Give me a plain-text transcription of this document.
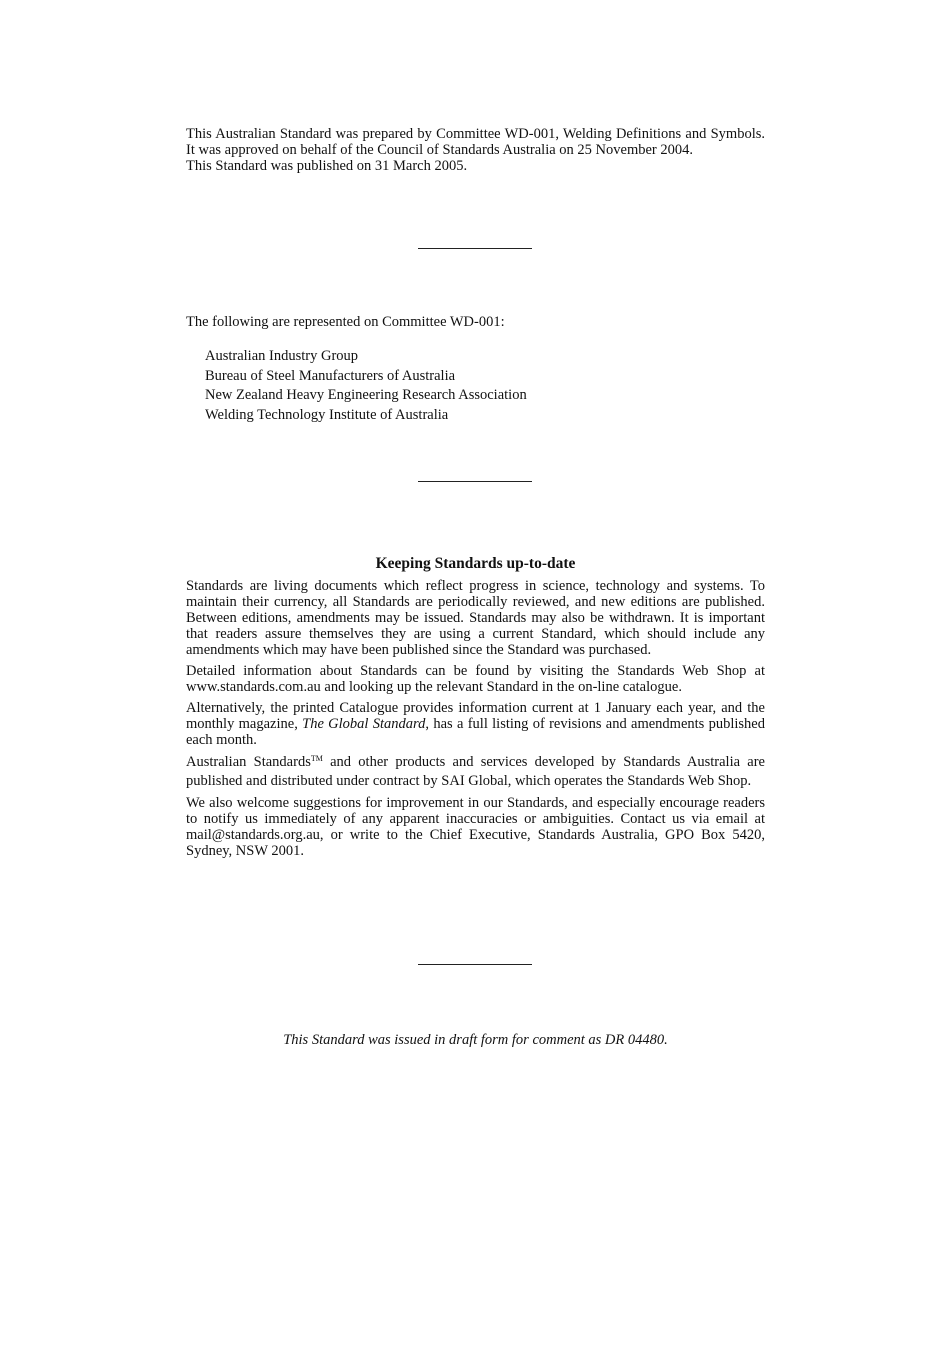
This Australian Standard was prepared by Committee WD-001, Welding Definitions and Symbols. It was approved on behalf of the Council of Standards Australia on 25 November 2004.

This Standard was published on 31 March 2005.

The following are represented on Committee WD-001:
Australian Industry Group
Bureau of Steel Manufacturers of Australia
New Zealand Heavy Engineering Research Association
Welding Technology Institute of Australia
Keeping Standards up-to-date

Standards are living documents which reflect progress in science, technology and systems. To maintain their currency, all Standards are periodically reviewed, and new editions are published. Between editions, amendments may be issued. Standards may also be withdrawn. It is important that readers assure themselves they are using a current Standard, which should include any amendments which may have been published since the Standard was purchased.

Detailed information about Standards can be found by visiting the Standards Web Shop at www.standards.com.au and looking up the relevant Standard in the on-line catalogue.

Alternatively, the printed Catalogue provides information current at 1 January each year, and the monthly magazine, The Global Standard, has a full listing of revisions and amendments published each month.

Australian Standards™ and other products and services developed by Standards Australia are published and distributed under contract by SAI Global, which operates the Standards Web Shop.

We also welcome suggestions for improvement in our Standards, and especially encourage readers to notify us immediately of any apparent inaccuracies or ambiguities. Contact us via email at mail@standards.org.au, or write to the Chief Executive, Standards Australia, GPO Box 5420, Sydney, NSW 2001.

This Standard was issued in draft form for comment as DR 04480.
